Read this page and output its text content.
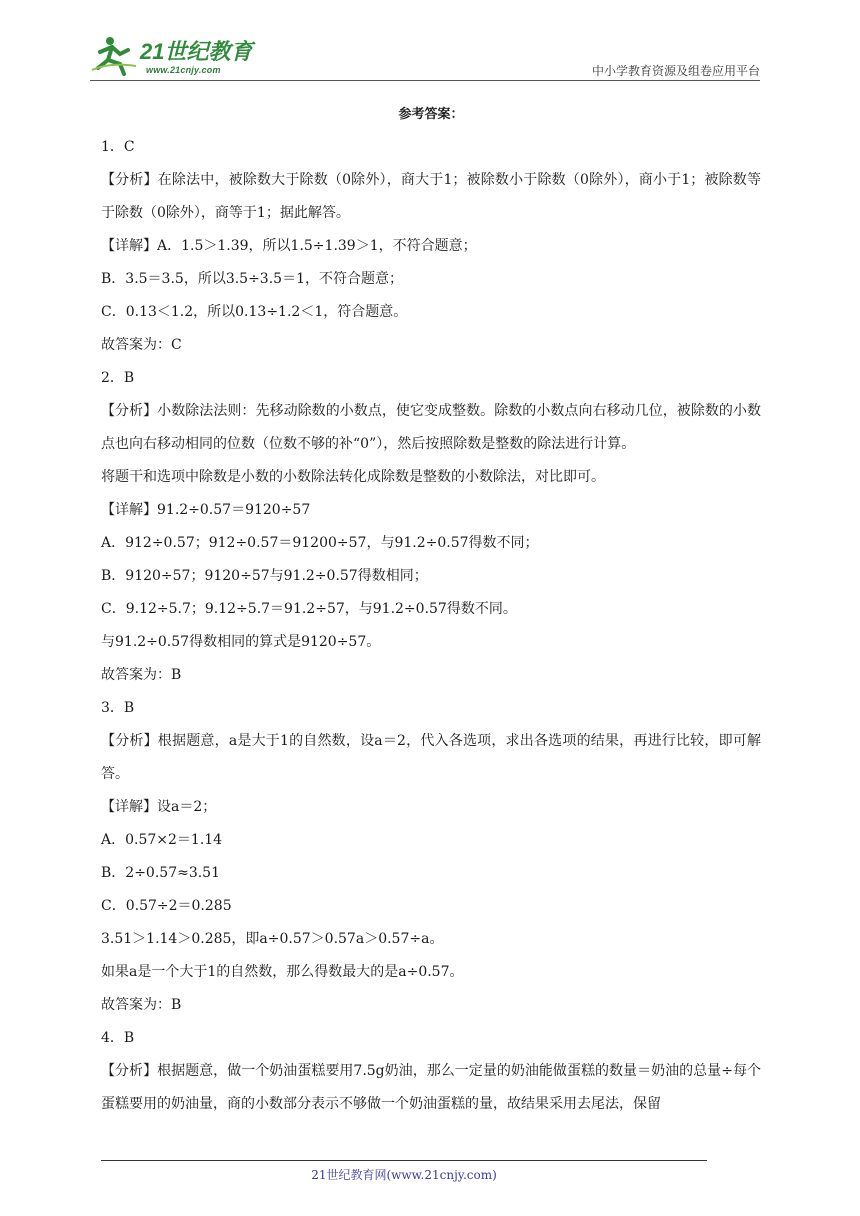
21世纪教育
www.21cnjy.com	中小学教育资源及组卷应用平台

参考答案：

1．C

【分析】在除法中，被除数大于除数（0除外），商大于1；被除数小于除数（0除外），商小于1；被除数等于除数（0除外），商等于1；据此解答。

【详解】A．1.5＞1.39，所以1.5÷1.39＞1，不符合题意；

B．3.5＝3.5，所以3.5÷3.5＝1，不符合题意；

C．0.13＜1.2，所以0.13÷1.2＜1，符合题意。

故答案为：C

2．B

【分析】小数除法法则：先移动除数的小数点，使它变成整数。除数的小数点向右移动几位，被除数的小数点也向右移动相同的位数（位数不够的补“0”），然后按照除数是整数的除法进行计算。

将题干和选项中除数是小数的小数除法转化成除数是整数的小数除法，对比即可。

【详解】91.2÷0.57＝9120÷57

A．912÷0.57；912÷0.57＝91200÷57，与91.2÷0.57得数不同；

B．9120÷57；9120÷57与91.2÷0.57得数相同；

C．9.12÷5.7；9.12÷5.7＝91.2÷57，与91.2÷0.57得数不同。

与91.2÷0.57得数相同的算式是9120÷57。

故答案为：B

3．B

【分析】根据题意，a是大于1的自然数，设a＝2，代入各选项，求出各选项的结果，再进行比较，即可解答。

【详解】设a＝2；

A．0.57×2＝1.14

B．2÷0.57≈3.51

C．0.57÷2＝0.285

3.51＞1.14＞0.285，即a÷0.57＞0.57a＞0.57÷a。

如果a是一个大于1的自然数，那么得数最大的是a÷0.57。

故答案为：B

4．B

【分析】根据题意，做一个奶油蛋糕要用7.5g奶油，那么一定量的奶油能做蛋糕的数量＝奶油的总量÷每个蛋糕要用的奶油量，商的小数部分表示不够做一个奶油蛋糕的量，故结果采用去尾法，保留

21世纪教育网(www.21cnjy.com)
